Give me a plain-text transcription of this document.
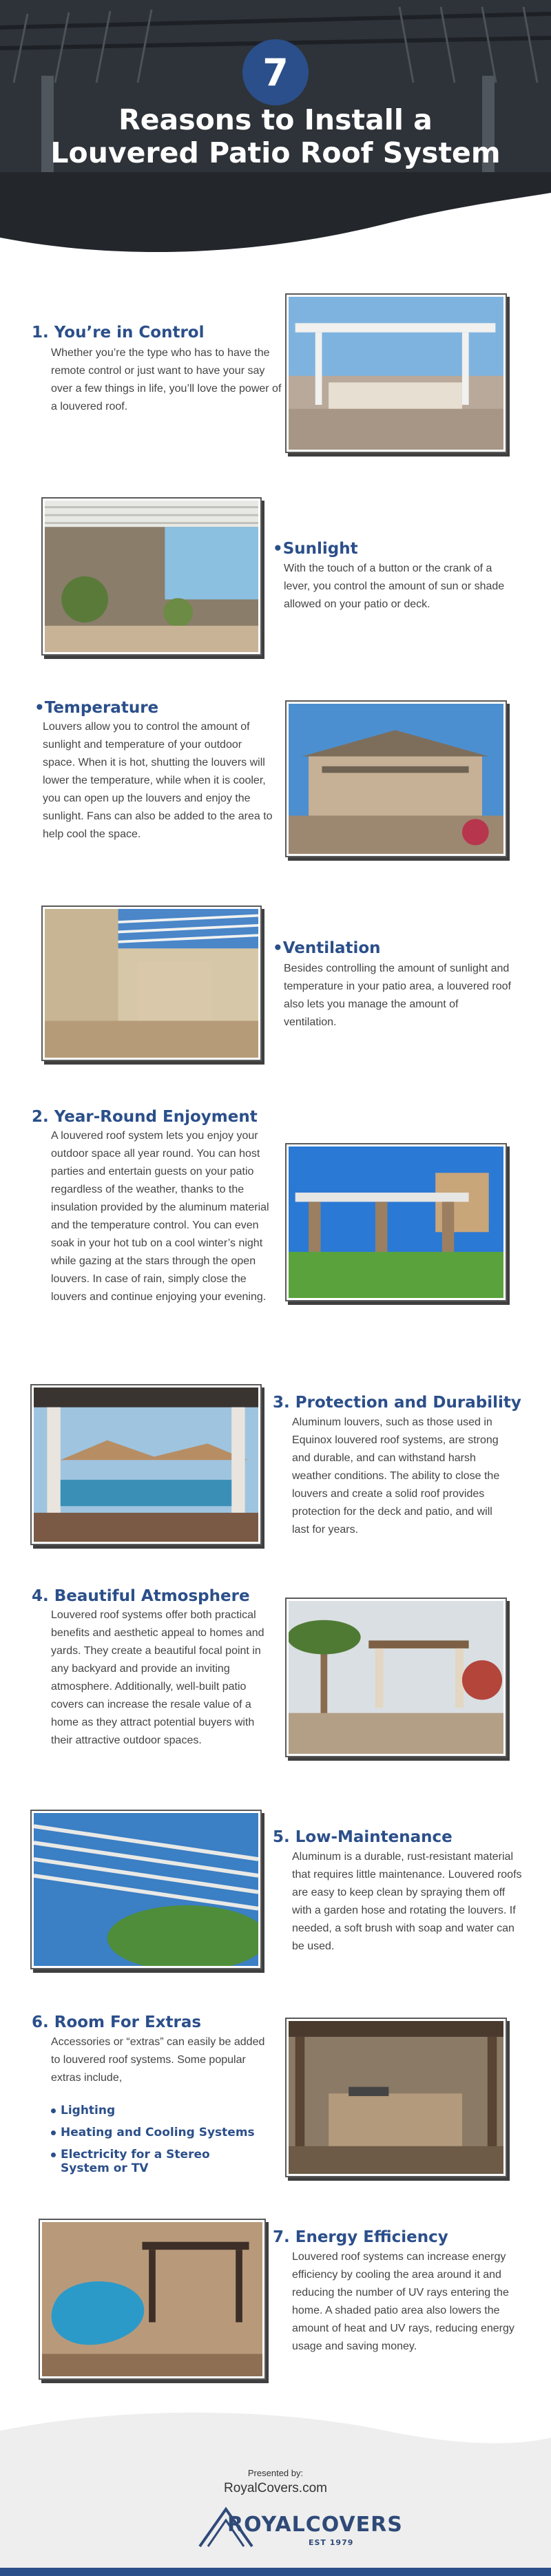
7
Reasons to Install a
Louvered Patio Roof System
1. You’re in Control
Whether you’re the type who has to have the remote control or just want to have your say over a few things in life, you’ll love the power of a louvered roof.
•Sunlight
With the touch of a button or the crank of a lever, you control the amount of sun or shade allowed on your patio or deck.
•Temperature
Louvers allow you to control the amount of sunlight and temperature of your outdoor space. When it is hot, shutting the louvers will lower the temperature, while when it is cooler, you can open up the louvers and enjoy the sunlight. Fans can also be added to the area to help cool the space.
•Ventilation
Besides controlling the amount of sunlight and temperature in your patio area, a louvered roof also lets you manage the amount of ventilation.
2. Year-Round Enjoyment
A louvered roof system lets you enjoy your outdoor space all year round. You can host parties and entertain guests on your patio regardless of the weather, thanks to the insulation provided by the aluminum material and the temperature control. You can even soak in your hot tub on a cool winter’s night while gazing at the stars through the open louvers. In case of rain, simply close the louvers and continue enjoying your evening.
3. Protection and Durability
Aluminum louvers, such as those used in Equinox louvered roof systems, are strong and durable, and can withstand harsh weather conditions. The ability to close the louvers and create a solid roof provides protection for the deck and patio, and will last for years.
4. Beautiful Atmosphere
Louvered roof systems offer both practical benefits and aesthetic appeal to homes and yards. They create a beautiful focal point in any backyard and provide an inviting atmosphere. Additionally, well-built patio covers can increase the resale value of a home as they attract potential buyers with their attractive outdoor spaces.
5. Low-Maintenance
Aluminum is a durable, rust-resistant material that requires little maintenance. Louvered roofs are easy to keep clean by spraying them off with a garden hose and rotating the louvers. If needed, a soft brush with soap and water can be used.
6. Room For Extras
Accessories or “extras” can easily be added to louvered roof systems. Some popular extras include,
Lighting
Heating and Cooling Systems
Electricity for a Stereo System or TV
7. Energy Efficiency
Louvered roof systems can increase energy efficiency by cooling the area around it and reducing the number of UV rays entering the home. A shaded patio area also lowers the amount of heat and UV rays, reducing energy usage and saving money.
Presented by:
RoyalCovers.com
ROYALCOVERS
EST 1979
